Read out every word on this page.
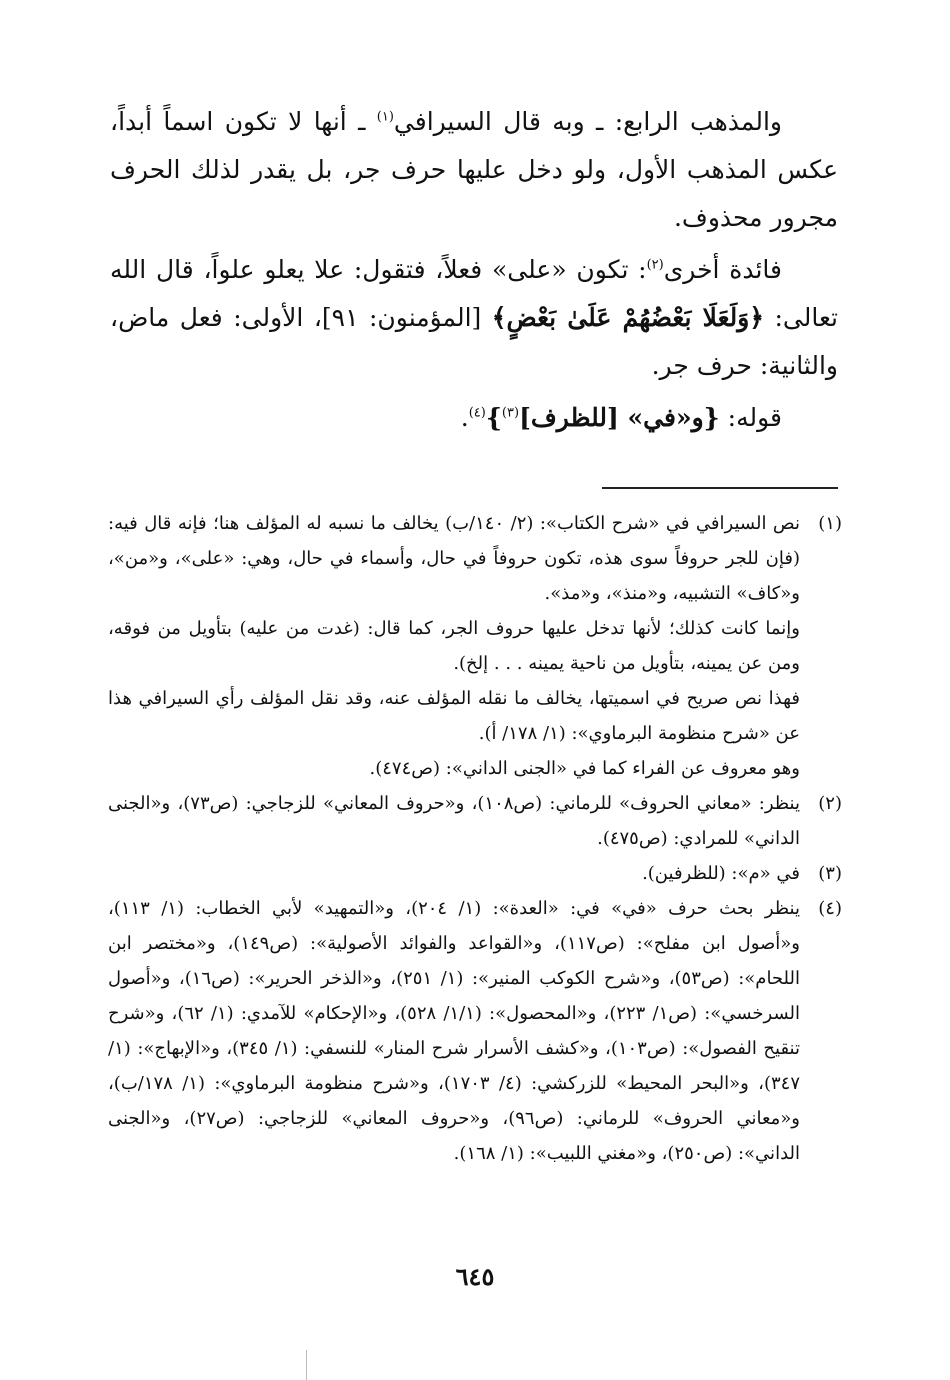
والمذهب الرابع: ـ وبه قال السيرافي$^{(١)}$ ـ أنها لا تكون اسماً أبداً، عكس المذهب الأول، ولو دخل عليها حرف جر، بل يقدر لذلك الحرف مجرور محذوف.

فائدة أخرى$^{(٢)}$: تكون «على» فعلاً، فتقول: علا يعلو علواً، قال الله تعالى: ﴿وَلَعَلَا بَعْضُهُمْ عَلَىٰ بَعْضٍ﴾ [المؤمنون: ٩١]، الأولى: فعل ماض، والثانية: حرف جر.

قوله: {و«في» [للظرف]$^{(٣)}$}$^{(٤)}$.

(١)

نص السيرافي في «شرح الكتاب»: (٢/ ١٤٠/ب) يخالف ما نسبه له المؤلف هنا؛ فإنه قال فيه: (فإن للجر حروفاً سوى هذه، تكون حروفاً في حال، وأسماء في حال، وهي: «على»، و«من»، و«كاف» التشبيه، و«منذ»، و«مذ».

وإنما كانت كذلك؛ لأنها تدخل عليها حروف الجر، كما قال: (غدت من عليه) بتأويل من فوقه، ومن عن يمينه، بتأويل من ناحية يمينه . . . إلخ).

فهذا نص صريح في اسميتها، يخالف ما نقله المؤلف عنه، وقد نقل المؤلف رأي السيرافي هذا عن «شرح منظومة البرماوي»: (١/ ١٧٨/ أ).

وهو معروف عن الفراء كما في «الجنى الداني»: (ص٤٧٤).

(٢)
ينظر: «معاني الحروف» للرماني: (ص١٠٨)، و«حروف المعاني» للزجاجي: (ص٧٣)، و«الجنى الداني» للمرادي: (ص٤٧٥).
(٣)
في «م»: (للظرفين).
(٤)
ينظر بحث حرف «في» في: «العدة»: (١/ ٢٠٤)، و«التمهيد» لأبي الخطاب: (١/ ١١٣)، و«أصول ابن مفلح»: (ص١١٧)، و«القواعد والفوائد الأصولية»: (ص١٤٩)، و«مختصر ابن اللحام»: (ص٥٣)، و«شرح الكوكب المنير»: (١/ ٢٥١)، و«الذخر الحرير»: (ص١٦)، و«أصول السرخسي»: (ص١/ ٢٢٣)، و«المحصول»: (١/١/ ٥٢٨)، و«الإحكام» للآمدي: (١/ ٦٢)، و«شرح تنقيح الفصول»: (ص١٠٣)، و«كشف الأسرار شرح المنار» للنسفي: (١/ ٣٤٥)، و«الإبهاج»: (١/ ٣٤٧)، و«البحر المحيط» للزركشي: (٤/ ١٧٠٣)، و«شرح منظومة البرماوي»: (١/ ١٧٨/ب)، و«معاني الحروف» للرماني: (ص٩٦)، و«حروف المعاني» للزجاجي: (ص٢٧)، و«الجنى الداني»: (ص٢٥٠)، و«مغني اللبيب»: (١/ ١٦٨).
٦٤٥
